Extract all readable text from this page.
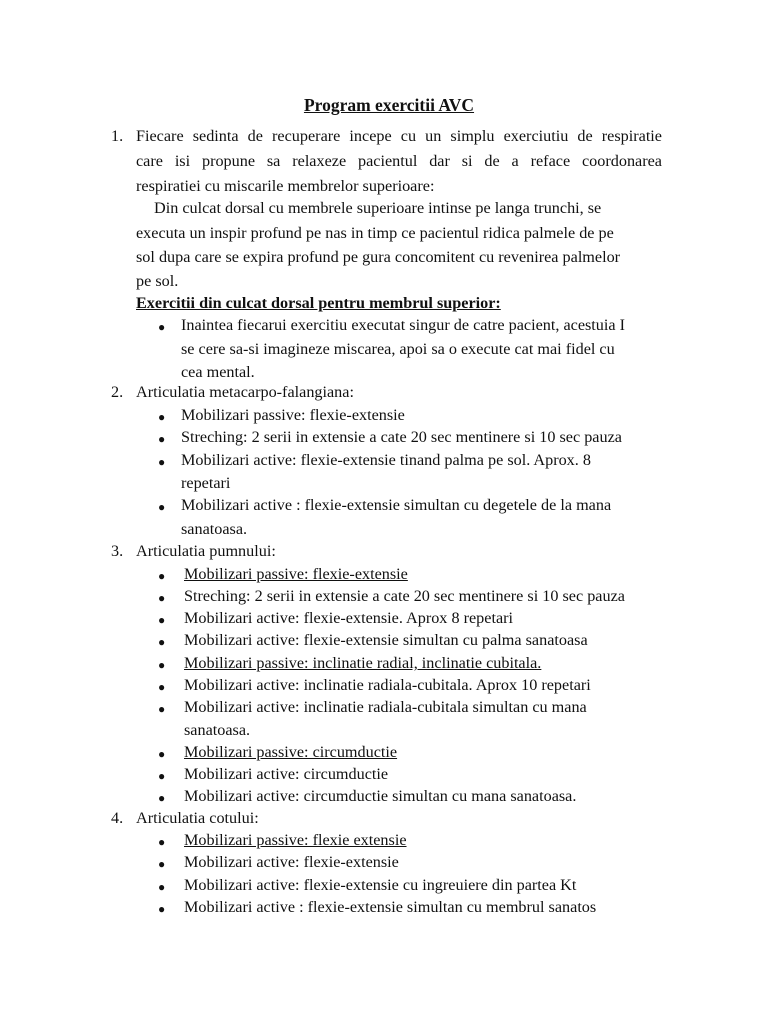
Program exercitii AVC
1. Fiecare sedinta de recuperare incepe cu un simplu exerciutiu de respiratie
care isi propune sa relaxeze pacientul dar si de a reface coordonarea
respiratiei cu miscarile membrelor superioare:
Din culcat dorsal cu membrele superioare intinse pe langa trunchi, se
executa un inspir profund pe nas in timp ce pacientul ridica palmele de pe
sol dupa care se expira profund pe gura concomitent cu revenirea palmelor
pe sol.
Exercitii din culcat dorsal pentru membrul superior:
● Inaintea fiecarui exercitiu executat singur de catre pacient, acestuia I
se cere sa-si imagineze miscarea, apoi sa o execute cat mai fidel cu
cea mental.
2. Articulatia metacarpo-falangiana:
● Mobilizari passive: flexie-extensie
● Streching: 2 serii in extensie a cate 20 sec mentinere si 10 sec pauza
● Mobilizari active: flexie-extensie tinand palma pe sol. Aprox. 8
repetari
● Mobilizari active : flexie-extensie simultan cu degetele de la mana
sanatoasa.
3. Articulatia pumnului:
● Mobilizari passive: flexie-extensie
● Streching: 2 serii in extensie a cate 20 sec mentinere si 10 sec pauza
● Mobilizari active: flexie-extensie. Aprox 8 repetari
● Mobilizari active: flexie-extensie simultan cu palma sanatoasa
● Mobilizari passive: inclinatie radial, inclinatie cubitala.
● Mobilizari active: inclinatie radiala-cubitala. Aprox 10 repetari
● Mobilizari active: inclinatie radiala-cubitala simultan cu mana
sanatoasa.
● Mobilizari passive: circumductie
● Mobilizari active: circumductie
● Mobilizari active: circumductie simultan cu mana sanatoasa.
4. Articulatia cotului:
● Mobilizari passive: flexie extensie
● Mobilizari active: flexie-extensie
● Mobilizari active: flexie-extensie cu ingreuiere din partea Kt
● Mobilizari active : flexie-extensie simultan cu membrul sanatos
